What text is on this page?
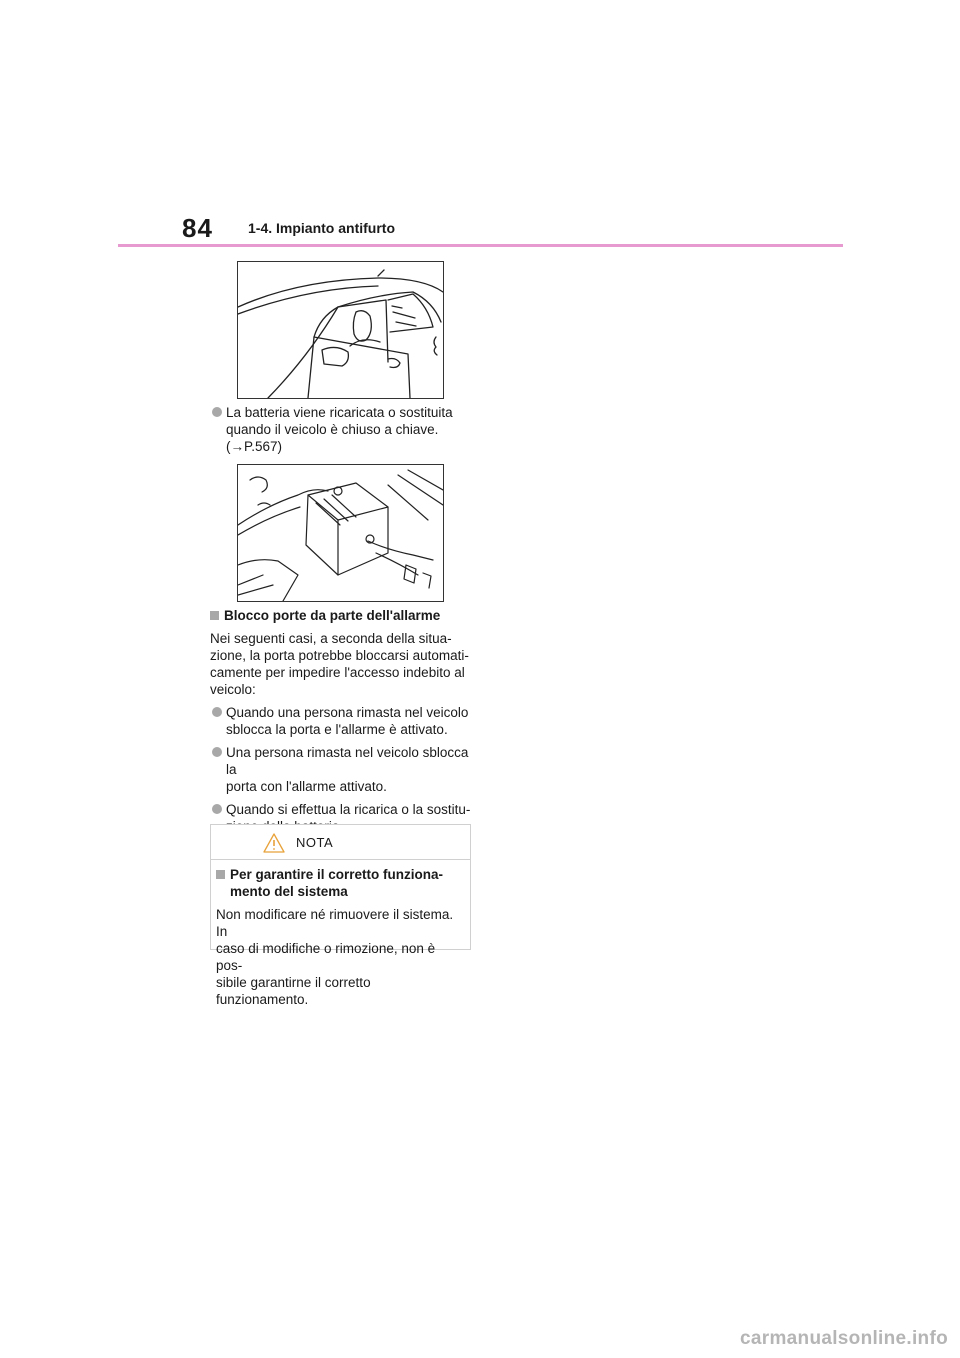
84	1-4. Impianto antifurto
La batteria viene ricaricata o sostituita
quando il veicolo è chiuso a chiave.
(→P.567)

Blocco porte da parte dell'allarme

Nei seguenti casi, a seconda della situa-
zione, la porta potrebbe bloccarsi automati-
camente per impedire l'accesso indebito al
veicolo:
Quando una persona rimasta nel veicolo
sblocca la porta e l'allarme è attivato.
Una persona rimasta nel veicolo sblocca la
porta con l'allarme attivato.
Quando si effettua la ricarica o la sostitu-
NOTA
Per garantire il corretto funziona-
mento del sistema
Non modificare né rimuovere il sistema. In
caso di modifiche o rimozione, non è pos-
sibile garantirne il corretto funzionamento.
carmanualsonline.info
